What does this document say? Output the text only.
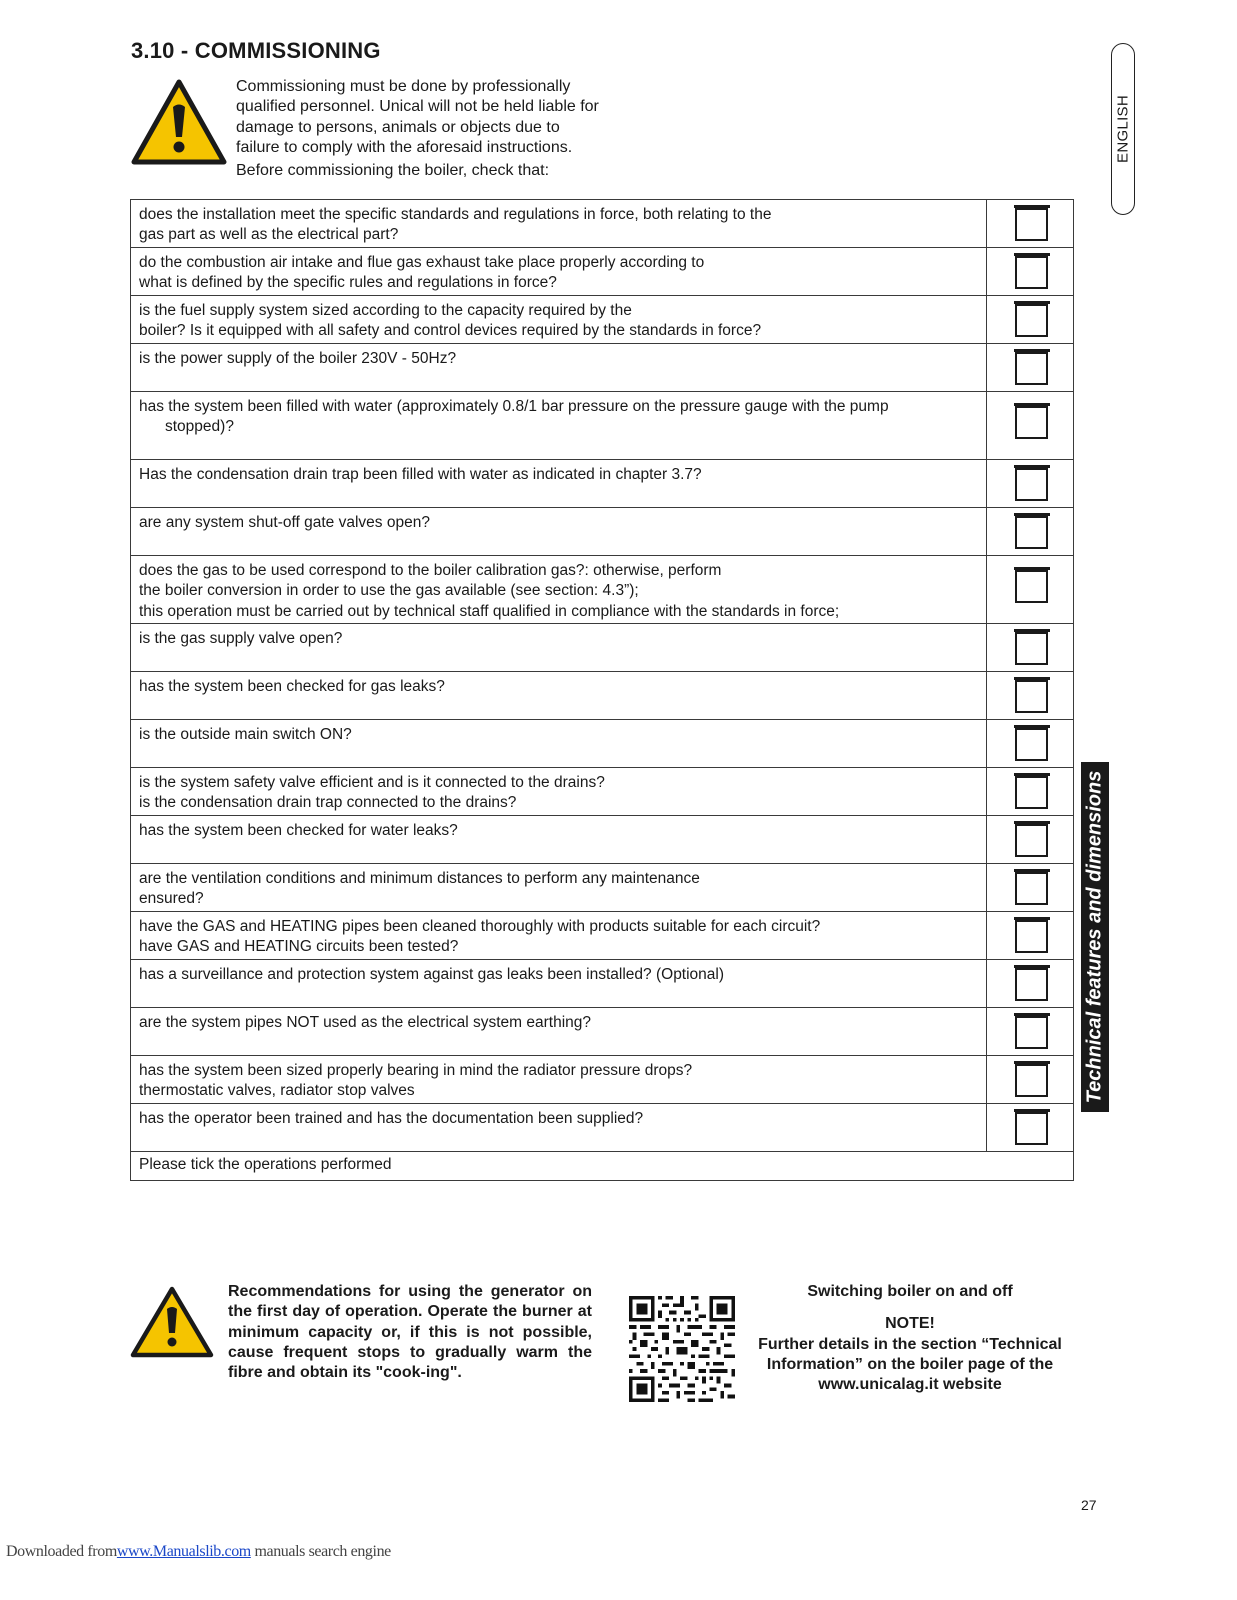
3.10 - COMMISSIONING
Commissioning must be done by professionally qualified personnel. Unical will not be held liable for damage to persons, animals or objects due to failure to comply with the aforesaid instructions.
Before commissioning the boiler, check that:
ENGLISH
Technical features and dimensions
does the installation meet the specific standards and regulations in force, both relating to the
gas part as well as the electrical part?	

do the combustion air intake and flue gas exhaust take place properly according to
what is defined by the specific rules and regulations in force?	

is the fuel supply system sized according to the capacity required by the
boiler? Is it equipped with all safety and control devices required by the standards in force?	

is the power supply of the boiler 230V - 50Hz?	

has the system been filled with water (approximately 0.8/1 bar pressure on the pressure gauge with the pump
stopped)?	

Has the condensation drain trap been filled with water as indicated in chapter 3.7?	

are any system shut-off gate valves open?	

does the gas to be used correspond to the boiler calibration gas?: otherwise, perform
the boiler conversion in order to use the gas available (see section: 4.3”);
this operation must be carried out by technical staff qualified in compliance with the standards in force;	

is the gas supply valve open?	

has the system been checked for gas leaks?	

is the outside main switch ON?	

is the system safety valve efficient and is it connected to the drains?
is the condensation drain trap connected to the drains?	

has the system been checked for water leaks?	

are the ventilation conditions and minimum distances to perform any maintenance
ensured?	

have the GAS and HEATING pipes been cleaned thoroughly with products suitable for each circuit?
have GAS and HEATING circuits been tested?	

has a surveillance and protection system against gas leaks been installed? (Optional)	

are the system pipes NOT used as the electrical system earthing?	

has the system been sized properly bearing in mind the radiator pressure drops?
thermostatic valves, radiator stop valves	

has the operator been trained and has the documentation been supplied?	

Please tick the operations performed	
Recommendations for using the generator on the first day of operation. Operate the burner at minimum capacity or, if this is not possible, cause frequent stops to gradually warm the fibre and obtain its "cook-ing".
Switching boiler on and off
NOTE!
Further details in the section “Technical Information” on the boiler page of the www.unicalag.it website
27
Downloaded fromwww.Manualslib.com manuals search engine
